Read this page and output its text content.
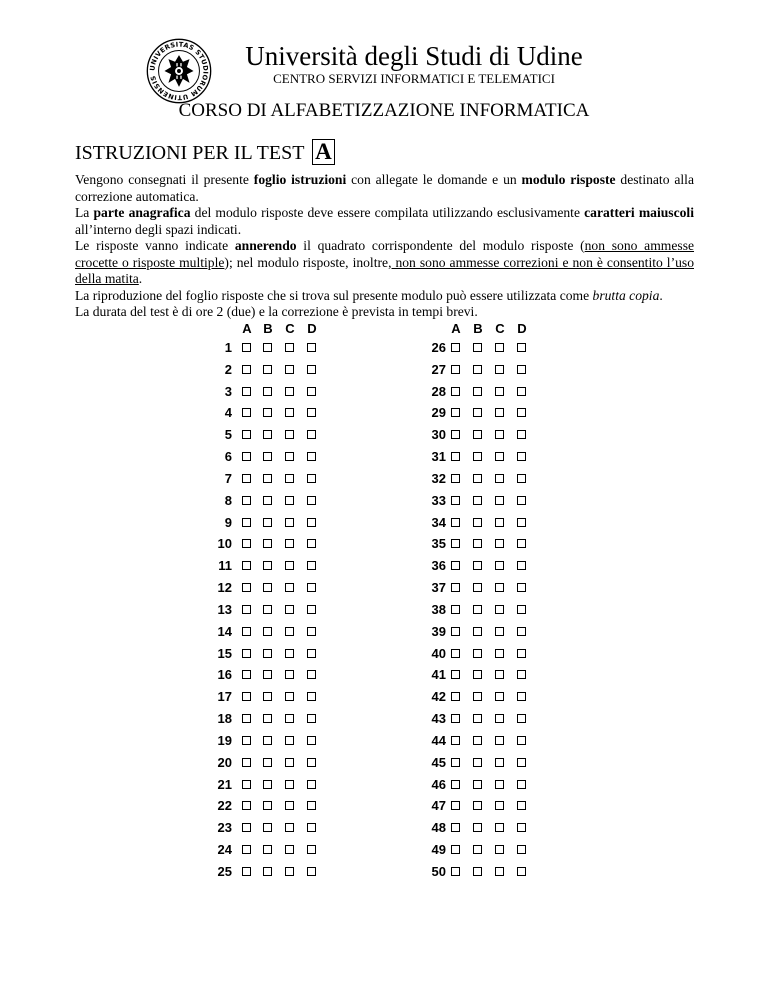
UNIVERSITAS STUDIORUM UTINENSIS
Università degli Studi di Udine
CENTRO SERVIZI INFORMATICI E TELEMATICI
CORSO DI ALFABETIZZAZIONE INFORMATICA
ISTRUZIONI PER IL TEST A

Vengono consegnati il presente foglio istruzioni con allegate le domande e un modulo risposte destinato alla correzione automatica.

La parte anagrafica del modulo risposte deve essere compilata utilizzando esclusivamente caratteri maiuscoli all’interno degli spazi indicati.

Le risposte vanno indicate annerendo il quadrato corrispondente del modulo risposte (non sono ammesse crocette o risposte multiple); nel modulo risposte, inoltre, non sono ammesse correzioni e non è consentito l’uso della matita.

La riproduzione del foglio risposte che si trova sul presente modulo può essere utilizzata come brutta copia.

La durata del test è di ore 2 (due) e la correzione è prevista in tempi brevi.

A B C D
1
2
3
4
5
6
7
8
9
10
11
12
13
14
15
16
17
18
19
20
21
22
23
24
25
A B C D
26
27
28
29
30
31
32
33
34
35
36
37
38
39
40
41
42
43
44
45
46
47
48
49
50
